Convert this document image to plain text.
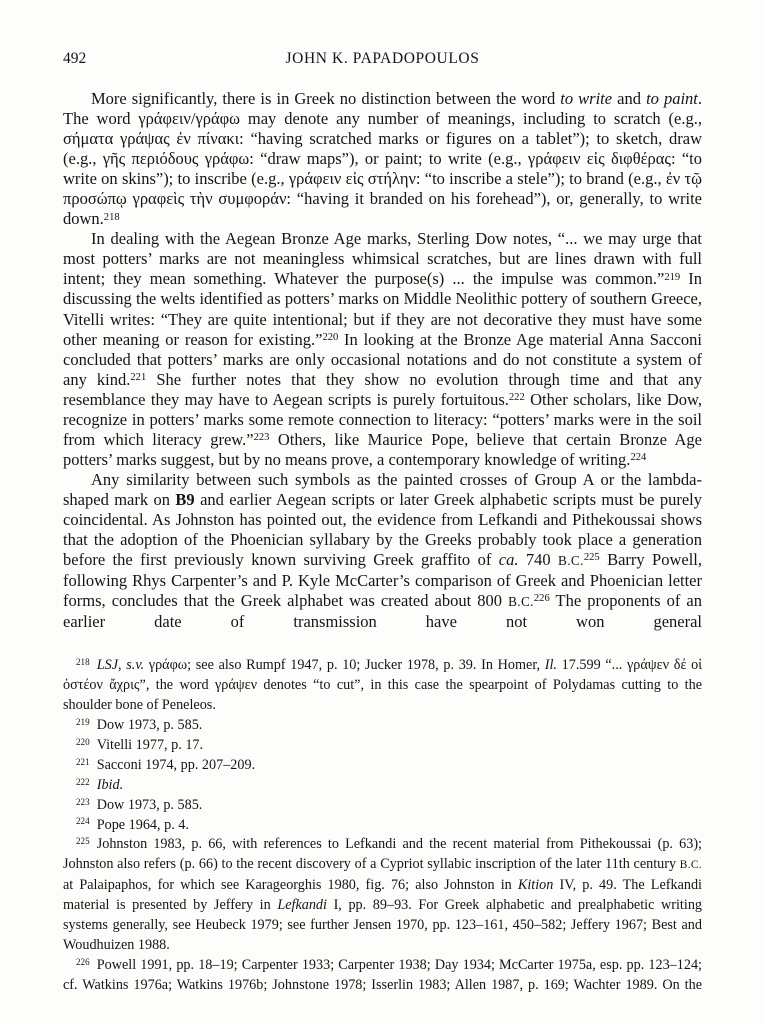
492	JOHN K. PAPADOPOULOS

More significantly, there is in Greek no distinction between the word to write and to paint. The word γράφειν/γράφω may denote any number of meanings, including to scratch (e.g., σήματα γράψας ἐν πίνακι: “having scratched marks or figures on a tablet”); to sketch, draw (e.g., γῆς περιόδους γράφω: “draw maps”), or paint; to write (e.g., γράφειν εἰς διφθέρας: “to write on skins”); to inscribe (e.g., γράφειν εἰς στήλην: “to inscribe a stele”); to brand (e.g., ἐν τῷ προσώπῳ γραφεὶς τὴν συμφοράν: “having it branded on his forehead”), or, generally, to write down.$^{218}$

In dealing with the Aegean Bronze Age marks, Sterling Dow notes, “... we may urge that most potters’ marks are not meaningless whimsical scratches, but are lines drawn with full intent; they mean something. Whatever the purpose(s) ... the impulse was common.”$^{219}$ In discussing the welts identified as potters’ marks on Middle Neolithic pottery of southern Greece, Vitelli writes: “They are quite intentional; but if they are not decorative they must have some other meaning or reason for existing.”$^{220}$ In looking at the Bronze Age material Anna Sacconi concluded that potters’ marks are only occasional notations and do not constitute a system of any kind.$^{221}$ She further notes that they show no evolution through time and that any resemblance they may have to Aegean scripts is purely fortuitous.$^{222}$ Other scholars, like Dow, recognize in potters’ marks some remote connection to literacy: “potters’ marks were in the soil from which literacy grew.”$^{223}$ Others, like Maurice Pope, believe that certain Bronze Age potters’ marks suggest, but by no means prove, a contemporary knowledge of writing.$^{224}$

Any similarity between such symbols as the painted crosses of Group A or the lambda-shaped mark on B9 and earlier Aegean scripts or later Greek alphabetic scripts must be purely coincidental. As Johnston has pointed out, the evidence from Lefkandi and Pithekoussai shows that the adoption of the Phoenician syllabary by the Greeks probably took place a generation before the first previously known surviving Greek graffito of ca. 740 B.C.$^{225}$ Barry Powell, following Rhys Carpenter’s and P. Kyle McCarter’s comparison of Greek and Phoenician letter forms, concludes that the Greek alphabet was created about 800 B.C.$^{226}$ The proponents of an earlier date of transmission have not won general

$^{218}$  LSJ, s.v. γράφω; see also Rumpf 1947, p. 10; Jucker 1978, p. 39. In Homer, Il. 17.599 “... γράψεν δέ οἱ ὀστέον ἄχρις”, the word γράψεν denotes “to cut”, in this case the spearpoint of Polydamas cutting to the shoulder bone of Peneleos.

$^{219}$  Dow 1973, p. 585.

$^{220}$  Vitelli 1977, p. 17.

$^{221}$  Sacconi 1974, pp. 207–209.

$^{222}$  Ibid.

$^{223}$  Dow 1973, p. 585.

$^{224}$  Pope 1964, p. 4.

$^{225}$  Johnston 1983, p. 66, with references to Lefkandi and the recent material from Pithekoussai (p. 63); Johnston also refers (p. 66) to the recent discovery of a Cypriot syllabic inscription of the later 11th century B.C. at Palaipaphos, for which see Karageorghis 1980, fig. 76; also Johnston in Kition IV, p. 49. The Lefkandi material is presented by Jeffery in Lefkandi I, pp. 89–93. For Greek alphabetic and prealphabetic writing systems generally, see Heubeck 1979; see further Jensen 1970, pp. 123–161, 450–582; Jeffery 1967; Best and Woudhuizen 1988.

$^{226}$  Powell 1991, pp. 18–19; Carpenter 1933; Carpenter 1938; Day 1934; McCarter 1975a, esp. pp. 123–124; cf. Watkins 1976a; Watkins 1976b; Johnstone 1978; Isserlin 1983; Allen 1987, p. 169; Wachter 1989. On the
